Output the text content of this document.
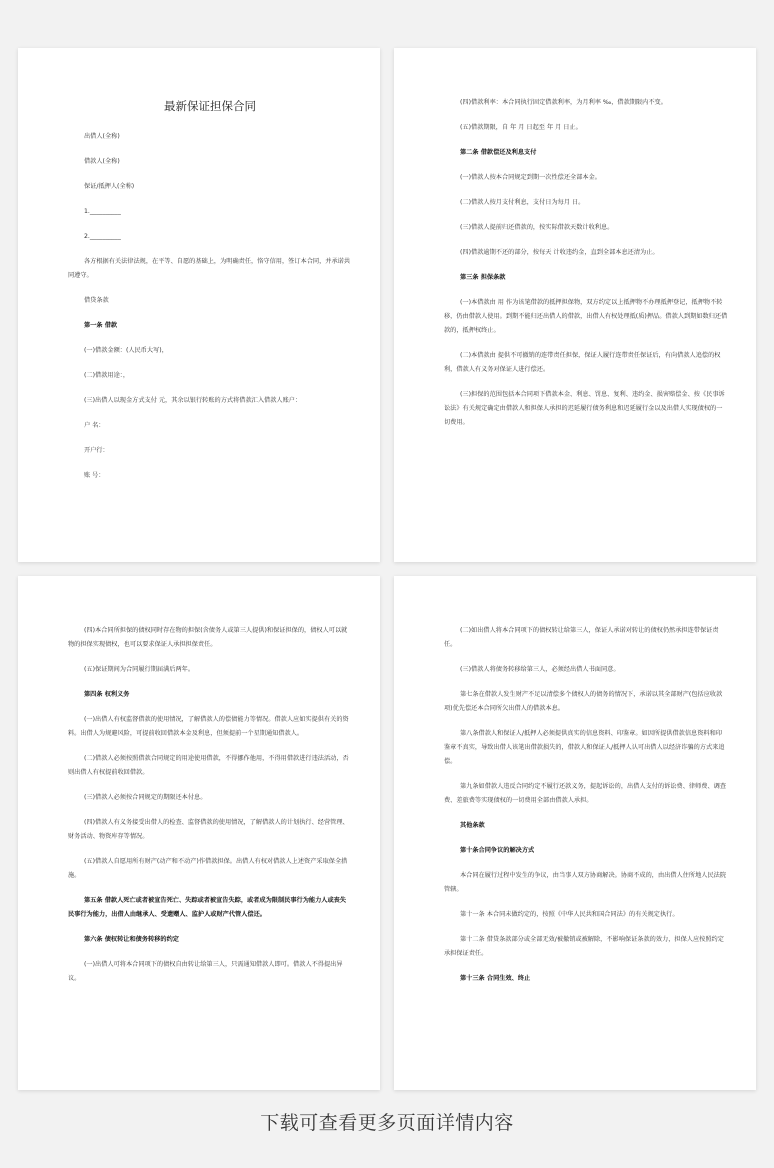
最新保证担保合同
出借人(全称)
借款人(全称)
保证/抵押人(全称)
1.__________
2.__________
各方根据有关法律法规，在平等、自愿的基础上，为明确责任，恪守信用，签订本合同，并承诺共同遵守。
借贷条款
第一条 借款
(一)借款金额：(人民币大写)，
(二)借款用途：，
(三)出借人以现金方式支付 元，其余以银行转账的方式将借款汇入借款人账户：
户 名：
开户行：
账 号：
(四)借款利率：本合同执行固定借款利率，为月利率 ‰，借款期限内不变。
(五)借款期限，自 年 月 日起至 年 月 日止。
第二条 借款偿还及利息支付
(一)借款人按本合同规定到期一次性偿还全部本金。
(二)借款人按月支付利息，支付日为每月 日。
(三)借款人提前归还借款的，按实际借款天数计收利息。
(四)借款逾期不还的部分，按每天 计收违约金，直到全部本息还清为止。
第三条 担保条款
(一)本借款由 用 作为该笔借款的抵押担保物，双方约定以上抵押物不办理抵押登记，抵押物不转移，仍由借款人使用。到期不能归还出借人的借款，出借人有权处理抵(质)押品。借款人到期如数归还借款的，抵押权终止。
(二)本借款由 提供不可撤销的连带责任担保，保证人履行连带责任保证后，有向借款人追偿的权利，借款人有义务对保证人进行偿还。
(三)担保的范围包括本合同项下借款本金、利息、罚息、复利、违约金、损害赔偿金、按《民事诉讼法》有关规定确定由借款人和担保人承担的迟延履行债务利息和迟延履行金以及出借人实现债权的一切费用。
(四)本合同所担保的债权同时存在物的担保(含债务人或第三人提供)和保证担保的，债权人可以就物的担保实现债权，也可以要求保证人承担担保责任。
(五)保证期间为合同履行期届满后两年。
第四条 权利义务
(一)出借人有权监督借款的使用情况，了解借款人的偿债能力等情况。借款人应如实提供有关的资料。出借人为规避风险，可提前收回借款本金及利息，但须提前一个星期通知借款人。
(二)借款人必须按照借款合同规定的用途使用借款，不得挪作他用，不得用借款进行违法活动，否则出借人有权提前收回借款。
(三)借款人必须按合同规定的期限还本付息。
(四)借款人有义务接受出借人的检查、监督借款的使用情况，了解借款人的计划执行、经营管理、财务活动、物资库存等情况。
(五)借款人自愿用所有财产(动产和不动产)作借款担保。出借人有权对借款人上述资产采取保全措施。
第五条 借款人死亡或者被宣告死亡、失踪或者被宣告失踪，或者成为限制民事行为能力人或丧失民事行为能力，出借人由继承人、受遗赠人、监护人或财产代管人偿还。
第六条 债权转让和债务转移的约定
(一)出借人可将本合同项下的债权自由转让给第三人，只需通知借款人即可。借款人不得提出异议。
(二)如出借人将本合同项下的债权转让给第三人，保证人承诺对转让的债权仍然承担连带保证责任。
(三)借款人将债务转移给第三人，必须经出借人书面同意。
第七条在借款人发生财产不足以清偿多个债权人的债务的情况下，承诺以其全部财产(包括应收款项)优先偿还本合同所欠出借人的借款本息。
第八条借款人和保证人/抵押人必须提供真实的信息资料、印鉴章。如因所提供借款信息资料和印鉴章不真实，导致出借人该笔出借款损失的，借款人和保证人/抵押人认可出借人以经济诈骗的方式来追偿。
第九条如借款人违反合同约定不履行还款义务，提起诉讼的，出借人支付的诉讼费、律师费、调查费、差旅费等实现债权的一切费用全部由借款人承担。
其他条款
第十条合同争议的解决方式
本合同在履行过程中发生的争议，由当事人双方协商解决。协商不成的，由出借人住所地人民法院管辖。
第十一条 本合同未做约定的，按照《中华人民共和国合同法》的有关规定执行。
第十二条 借贷条款部分或全部无效/被撤销或被解除，不影响保证条款的效力，担保人应按照约定承担保证责任。
第十三条 合同生效、终止
下载可查看更多页面详情内容
